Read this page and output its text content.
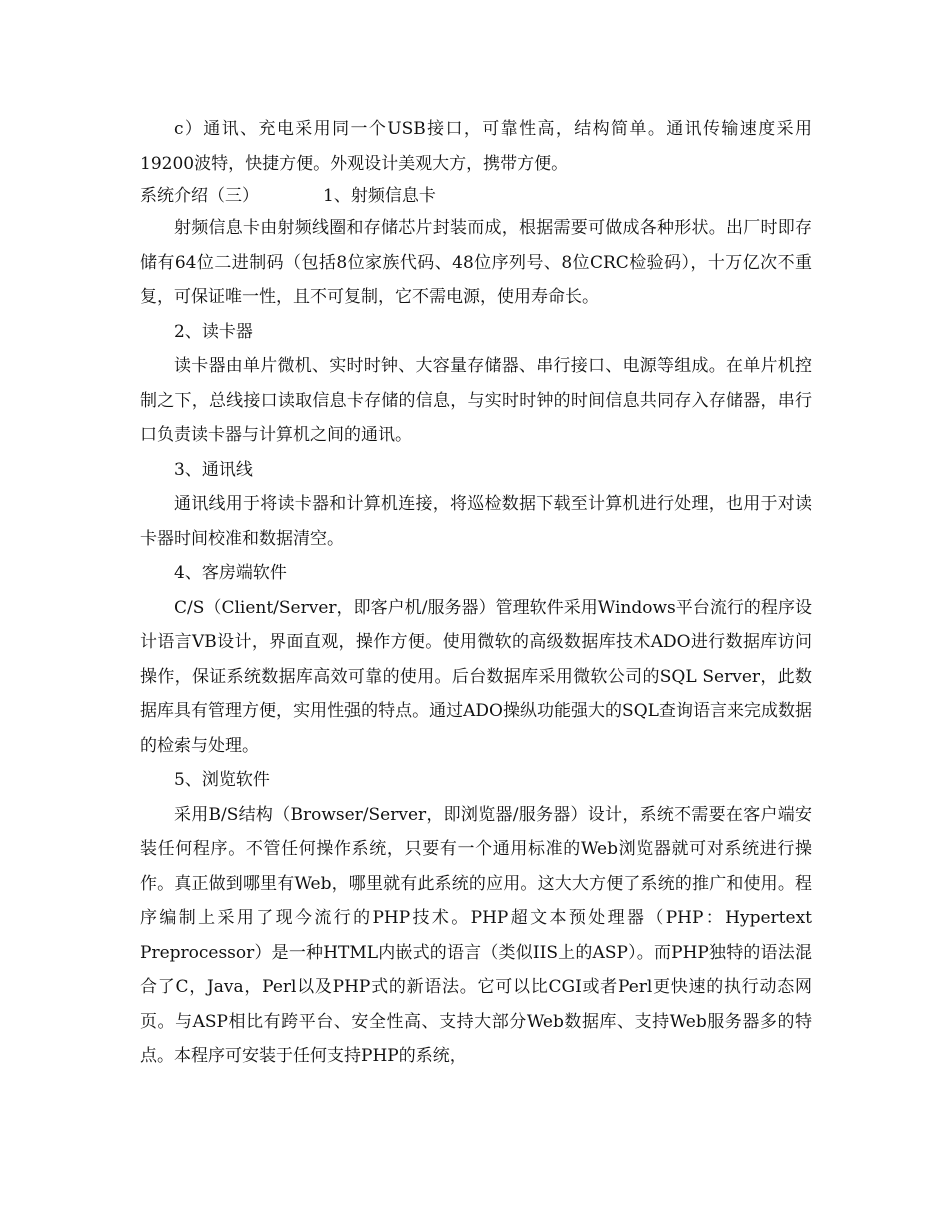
c）通讯、充电采用同一个USB接口，可靠性高，结构简单。通讯传输速度采用19200波特，快捷方便。外观设计美观大方，携带方便。

系统介绍（三）	1、射频信息卡

射频信息卡由射频线圈和存储芯片封装而成，根据需要可做成各种形状。出厂时即存储有64位二进制码（包括8位家族代码、48位序列号、8位CRC检验码），十万亿次不重复，可保证唯一性，且不可复制，它不需电源，使用寿命长。

2、读卡器

读卡器由单片微机、实时时钟、大容量存储器、串行接口、电源等组成。在单片机控制之下，总线接口读取信息卡存储的信息，与实时时钟的时间信息共同存入存储器，串行口负责读卡器与计算机之间的通讯。

3、通讯线

通讯线用于将读卡器和计算机连接，将巡检数据下载至计算机进行处理，也用于对读卡器时间校准和数据清空。

4、客房端软件

C/S（Client/Server，即客户机/服务器）管理软件采用Windows平台流行的程序设计语言VB设计，界面直观，操作方便。使用微软的高级数据库技术ADO进行数据库访问操作，保证系统数据库高效可靠的使用。后台数据库采用微软公司的SQL Server，此数据库具有管理方便，实用性强的特点。通过ADO操纵功能强大的SQL查询语言来完成数据的检索与处理。

5、浏览软件

采用B/S结构（Browser/Server，即浏览器/服务器）设计，系统不需要在客户端安装任何程序。不管任何操作系统，只要有一个通用标准的Web浏览器就可对系统进行操作。真正做到哪里有Web，哪里就有此系统的应用。这大大方便了系统的推广和使用。程序编制上采用了现今流行的PHP技术。PHP超文本预处理器（PHP：Hypertext Preprocessor）是一种HTML内嵌式的语言（类似IIS上的ASP）。而PHP独特的语法混合了C，Java，Perl以及PHP式的新语法。它可以比CGI或者Perl更快速的执行动态网页。与ASP相比有跨平台、安全性高、支持大部分Web数据库、支持Web服务器多的特点。本程序可安装于任何支持PHP的系统，
